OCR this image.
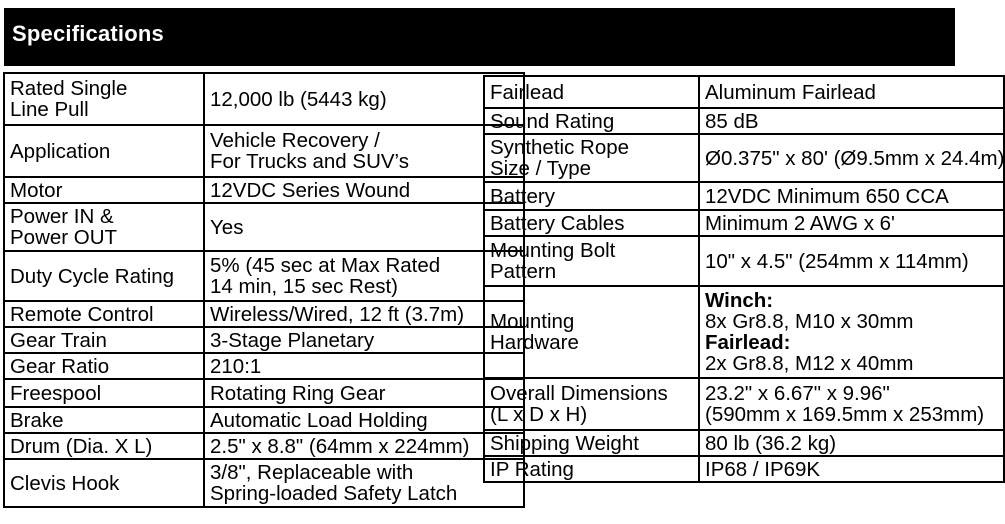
Specifications
Rated Single
Line Pull	12,000 lb (5443 kg)

Application	Vehicle Recovery /
For Trucks and SUV’s

Motor	12VDC Series Wound

Power IN &
Power OUT	Yes

Duty Cycle Rating	5% (45 sec at Max Rated
14 min, 15 sec Rest)

Remote Control	Wireless/Wired, 12 ft (3.7m)

Gear Train	3-Stage Planetary

Gear Ratio	210:1

Freespool	Rotating Ring Gear

Brake	Automatic Load Holding

Drum (Dia. X L)	2.5" x 8.8" (64mm x 224mm)

Clevis Hook	3/8", Replaceable with
Spring-loaded Safety Latch
Fairlead	Aluminum Fairlead

Sound Rating	85 dB

Synthetic Rope
Size / Type	Ø0.375" x 80' (Ø9.5mm x 24.4m)

Battery	12VDC Minimum 650 CCA

Battery Cables	Minimum 2 AWG x 6'

Mounting Bolt
Pattern	10" x 4.5" (254mm x 114mm)

Mounting
Hardware	Winch:
8x Gr8.8, M10 x 30mm
Fairlead:
2x Gr8.8, M12 x 40mm

Overall Dimensions
(L x D x H)	23.2" x 6.67" x 9.96"
(590mm x 169.5mm x 253mm)

Shipping Weight	80 lb (36.2 kg)

IP Rating	IP68 / IP69K
